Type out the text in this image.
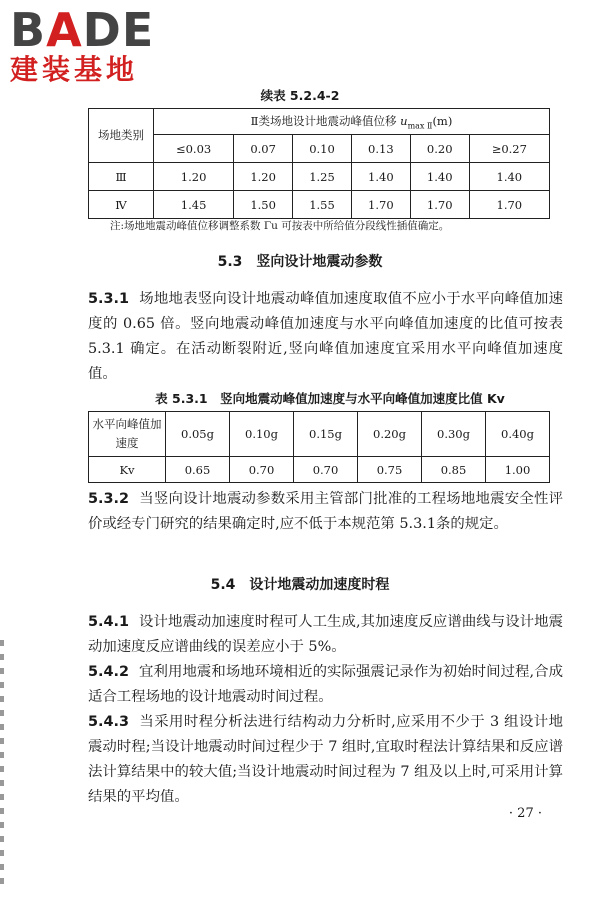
BADE
建装基地
续表 5.2.4-2
场地类别	Ⅱ类场地设计地震动峰值位移 $u_{max Ⅱ}(m)$					
	≤0.03	0.07	0.10	0.13	0.20	≥0.27
Ⅲ	1.20	1.20	1.25	1.40	1.40	1.40
Ⅳ	1.45	1.50	1.55	1.70	1.70	1.70
注:场地地震动峰值位移调整系数 Γu 可按表中所给值分段线性插值确定。
5.3　竖向设计地震动参数
5.3.1 场地地表竖向设计地震动峰值加速度取值不应小于水平向峰值加速度的 0.65 倍。竖向地震动峰值加速度与水平向峰值加速度的比值可按表 5.3.1 确定。在活动断裂附近,竖向峰值加速度宜采用水平向峰值加速度值。
表 5.3.1　竖向地震动峰值加速度与水平向峰值加速度比值 Kv
水平向峰值加速度	0.05g	0.10g	0.15g	0.20g	0.30g	0.40g
Kv	0.65	0.70	0.70	0.75	0.85	1.00
5.3.2 当竖向设计地震动参数采用主管部门批准的工程场地地震安全性评价或经专门研究的结果确定时,应不低于本规范第 5.3.1条的规定。
5.4　设计地震动加速度时程
5.4.1 设计地震动加速度时程可人工生成,其加速度反应谱曲线与设计地震动加速度反应谱曲线的误差应小于 5%。
5.4.2 宜利用地震和场地环境相近的实际强震记录作为初始时间过程,合成适合工程场地的设计地震动时间过程。
5.4.3 当采用时程分析法进行结构动力分析时,应采用不少于 3 组设计地震动时程;当设计地震动时间过程少于 7 组时,宜取时程法计算结果和反应谱法计算结果中的较大值;当设计地震动时间过程为 7 组及以上时,可采用计算结果的平均值。
· 27 ·
